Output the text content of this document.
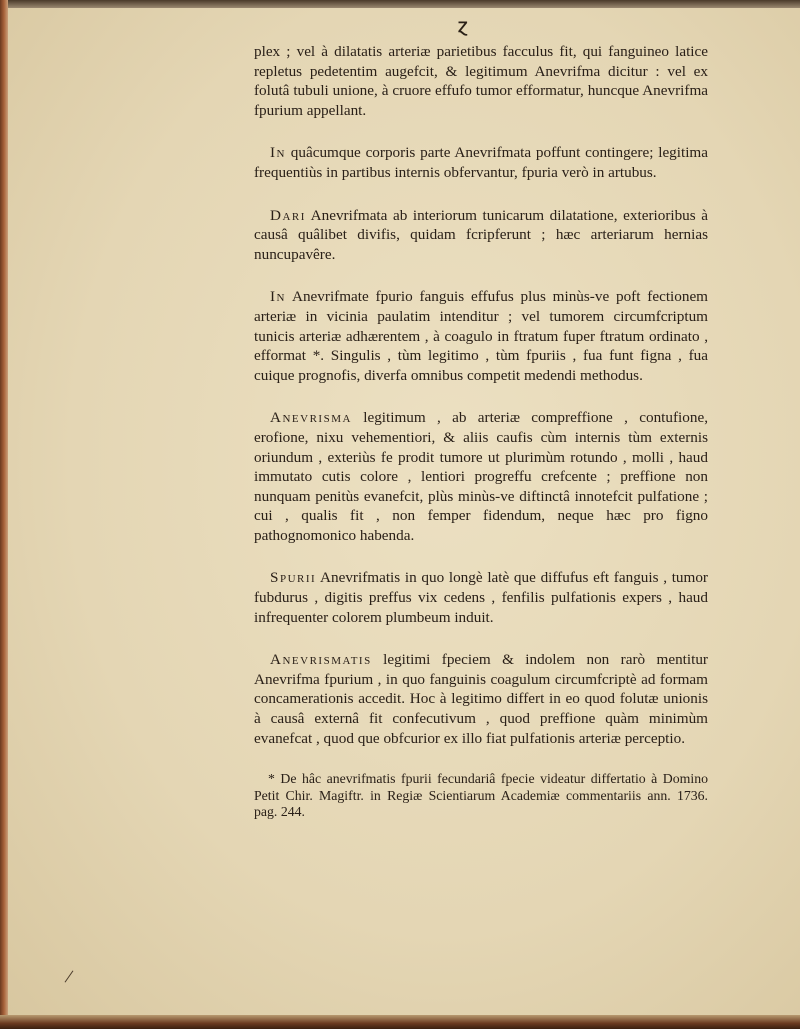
Ɀ

plex ; vel à dilatatis arteriæ parietibus facculus fit, qui fanguineo latice repletus pedetentim augefcit, & legitimum Anevrifma dicitur : vel ex folutâ tubuli unione, à cruore effufo tumor efformatur, huncque Anevrifma fpurium appellant.

In quâcumque corporis parte Anevrifmata poffunt contingere; legitima frequentiùs in partibus internis obfervantur, fpuria verò in artubus.

Dari Anevrifmata ab interiorum tunicarum dilatatione, exterioribus à causâ quâlibet divifis, quidam fcripferunt ; hæc arteriarum hernias nuncupavêre.

In Anevrifmate fpurio fanguis effufus plus minùs-ve poft fectionem arteriæ in vicinia paulatim intenditur ; vel tumorem circumfcriptum tunicis arteriæ adhærentem , à coagulo in ftratum fuper ftratum ordinato , efformat *. Singulis , tùm legitimo , tùm fpuriis , fua funt figna , fua cuique prognofis, diverfa omnibus competit medendi methodus.

Anevrisma legitimum , ab arteriæ compreffione , contufione, erofione, nixu vehementiori, & aliis caufis cùm internis tùm externis oriundum , exteriùs fe prodit tumore ut plurimùm rotundo , molli , haud immutato cutis colore , lentiori progreffu crefcente ; preffione non nunquam penitùs evanefcit, plùs minùs-ve diftinctâ innotefcit pulfatione ; cui , qualis fit , non femper fidendum, neque hæc pro figno pathognomonico habenda.

Spurii Anevrifmatis in quo longè latè que diffufus eft fanguis , tumor fubdurus , digitis preffus vix cedens , fenfilis pulfationis expers , haud infrequenter colorem plumbeum induit.

Anevrismatis legitimi fpeciem & indolem non rarò mentitur Anevrifma fpurium , in quo fanguinis coagulum circumfcriptè ad formam concamerationis accedit. Hoc à legitimo differt in eo quod folutæ unionis à causâ externâ fit confecutivum , quod preffione quàm minimùm evanefcat , quod que obfcurior ex illo fiat pulfationis arteriæ perceptio.

* De hâc anevrifmatis fpurii fecundariâ fpecie videatur differtatio à Domino Petit Chir. Magiftr. in Regiæ Scientiarum Academiæ commentariis ann. 1736. pag. 244.
